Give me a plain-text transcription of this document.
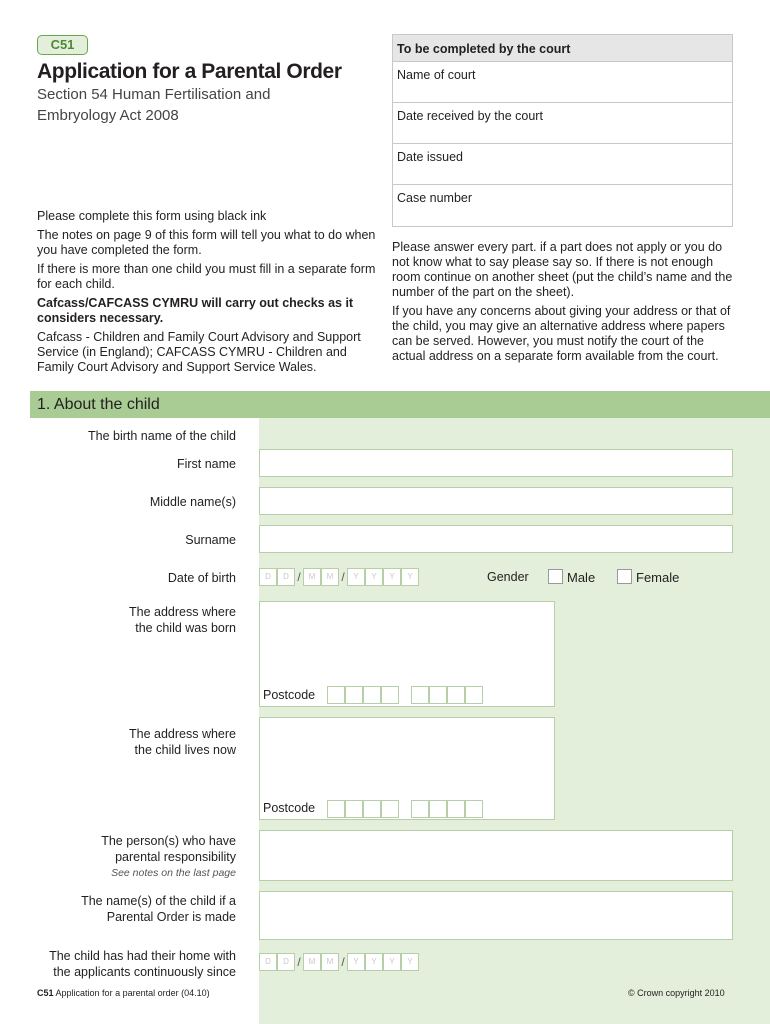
C51
Application for a Parental Order
Section 54 Human Fertilisation and Embryology Act 2008
To be completed by the court
Name of court
Date received by the court
Date issued
Case number

Please complete this form using black ink

The notes on page 9 of this form will tell you what to do when you have completed the form.

If there is more than one child you must fill in a separate form for each child.

Cafcass/CAFCASS CYMRU will carry out checks as it considers necessary.

Cafcass - Children and Family Court Advisory and Support Service (in England); CAFCASS CYMRU - Children and Family Court Advisory and Support Service Wales.

Please answer every part. if a part does not apply or you do not know what to say please say so. If there is not enough room continue on another sheet (put the child’s name and the number of the part on the sheet).

If you have any concerns about giving your address or that of the child, you may give an alternative address where papers can be served. However, you must notify the court of the actual address on a separate form available from the court.

1. About the child
The birth name of the child
First name
Middle name(s)
Surname
Date of birth	D	D / M	M /	Y	Y	Y	Y	Gender	Male	Female
The address where
the child was born
Postcode
The address where
the child lives now
Postcode
The person(s) who have
parental responsibility
See notes on the last page
The name(s) of the child if a
Parental Order is made
The child has had their home with
the applicants continuously since
D	D / M	M /	Y	Y	Y	Y
C51 Application for a parental order (04.10)	© Crown copyright 2010
